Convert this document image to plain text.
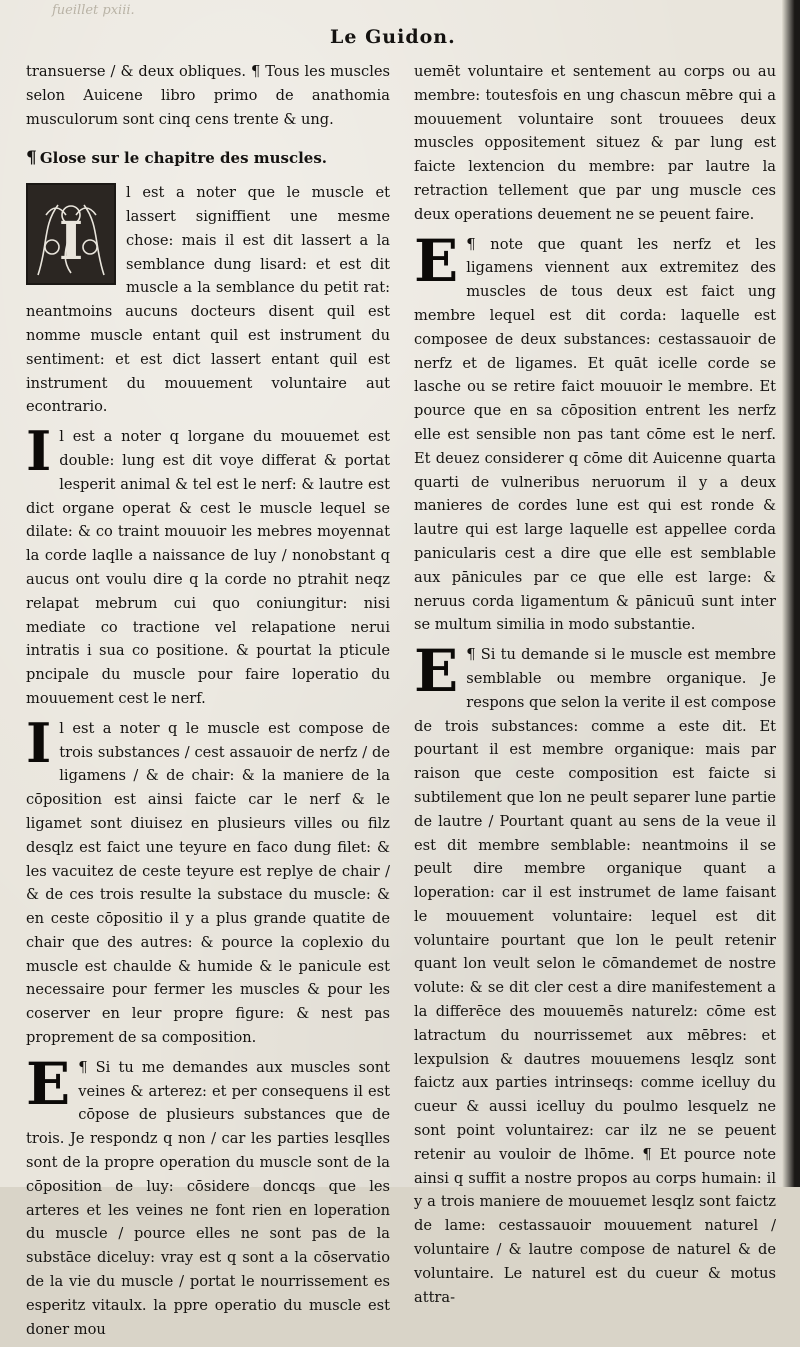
fueillet pxiii.
Le Guidon.

transuerse / & deux obliques. ¶ Tous les muscles selon Auicene libro primo de anathomia musculorum sont cinq cens trente & ung.

¶ Glose sur le chapitre des muscles.

I
l est a noter que le muscle et lassert signiffient une mesme chose: mais il est dit lassert a la semblance dung lisard: et est dit muscle a la semblance du petit rat: neantmoins aucuns docteurs disent quil est nomme muscle entant quil est instrument du sentiment: et est dict lassert entant quil est instrument du mouuement voluntaire aut econtrario.

I l est a noter q lorgane du mouuemet est double: lung est dit voye differat & portat lesperit animal & tel est le nerf: & lautre est dict organe operat & cest le muscle lequel se dilate: & co traint mouuoir les mebres moyennat la corde laqlle a naissance de luy / nonobstant q aucus ont voulu dire q la corde no ptrahit neqz relapat mebrum cui quo coniungitur: nisi mediate co tractione vel relapatione nerui intratis i sua co positione. & pourtat la pticule pncipale du muscle pour faire loperatio du mouuement cest le nerf.

I l est a noter q le muscle est compose de trois substances / cest assauoir de nerfz / de ligamens / & de chair: & la maniere de la cōposition est ainsi faicte car le nerf & le ligamet sont diuisez en plusieurs villes ou filz desqlz est faict une teyure en faco dung filet: & les vacuitez de ceste teyure est replye de chair / & de ces trois resulte la substace du muscle: & en ceste cōpositio il y a plus grande quatite de chair que des autres: & pource la coplexio du muscle est chaulde & humide & le panicule est necessaire pour fermer les muscles & pour les coserver en leur propre figure: & nest pas proprement de sa composition.

E ¶ Si tu me demandes aux muscles sont veines & arterez: et per consequens il est cōpose de plusieurs substances que de trois. Je respondz q non / car les parties lesqlles sont de la propre operation du muscle sont de la cōposition de luy: cōsidere doncqs que les arteres et les veines ne font rien en loperation du muscle / pource elles ne sont pas de la substāce diceluy: vray est q sont a la cōservatio de la vie du muscle / portat le nourrissement es esperitz vitaulx. la ppre operatio du muscle est doner mou

uemēt voluntaire et sentement au corps ou au membre: toutesfois en ung chascun mēbre qui a mouuement voluntaire sont trouuees deux muscles oppositement situez & par lung est faicte lextencion du membre: par lautre la retraction tellement que par ung muscle ces deux operations deuement ne se peuent faire.

E ¶ note que quant les nerfz et les ligamens viennent aux extremitez des muscles de tous deux est faict ung membre lequel est dit corda: laquelle est composee de deux substances: cestassauoir de nerfz et de ligames. Et quāt icelle corde se lasche ou se retire faict mouuoir le membre. Et pource que en sa cōposition entrent les nerfz elle est sensible non pas tant cōme est le nerf. Et deuez considerer q cōme dit Auicenne quarta quarti de vulneribus neruorum il y a deux manieres de cordes lune est qui est ronde & lautre qui est large laquelle est appellee corda panicularis cest a dire que elle est semblable aux pānicules par ce que elle est large: & neruus corda ligamentum & pānicuū sunt inter se multum similia in modo substantie.

E ¶ Si tu demande si le muscle est membre semblable ou membre organique. Je respons que selon la verite il est compose de trois substances: comme a este dit. Et pourtant il est membre organique: mais par raison que ceste composition est faicte si subtilement que lon ne peult separer lune partie de lautre / Pourtant quant au sens de la veue il est dit membre semblable: neantmoins il se peult dire membre organique quant a loperation: car il est instrumet de lame faisant le mouuement voluntaire: lequel est dit voluntaire pourtant que lon le peult retenir quant lon veult selon le cōmandemet de nostre volute: & se dit cler cest a dire manifestement a la differēce des mouuemēs naturelz: cōme est latractum du nourrissemet aux mēbres: et lexpulsion & dautres mouuemens lesqlz sont faictz aux parties intrinseqs: comme icelluy du cueur & aussi icelluy du poulmo lesquelz ne sont point voluntairez: car ilz ne se peuent retenir au vouloir de lhōme. ¶ Et pource note ainsi q suffit a nostre propos au corps humain: il y a trois maniere de mouuemet lesqlz sont faictz de lame: cestassauoir mouuement naturel / voluntaire / & lautre compose de naturel & de voluntaire. Le naturel est du cueur & motus attra-
